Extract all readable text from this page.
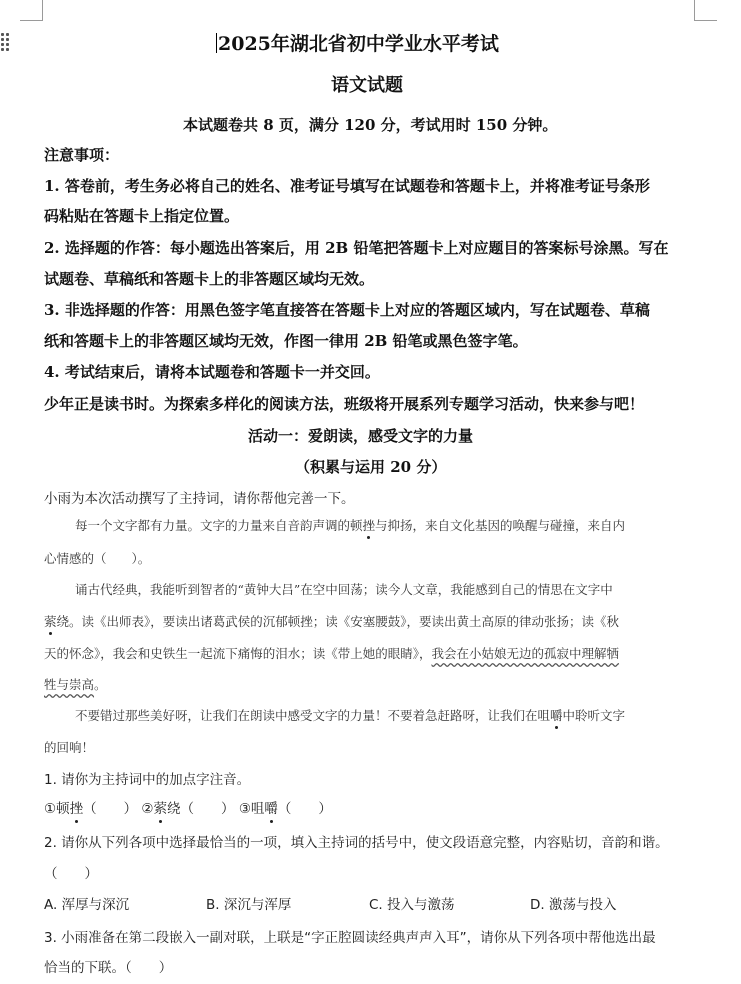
2025年湖北省初中学业水平考试
语文试题
本试题卷共 8 页，满分 120 分，考试用时 150 分钟。
注意事项：
1. 答卷前，考生务必将自己的姓名、准考证号填写在试题卷和答题卡上，并将准考证号条形
码粘贴在答题卡上指定位置。
2. 选择题的作答：每小题选出答案后，用 2B 铅笔把答题卡上对应题目的答案标号涂黑。写在
试题卷、草稿纸和答题卡上的非答题区域均无效。
3. 非选择题的作答：用黑色签字笔直接答在答题卡上对应的答题区域内，写在试题卷、草稿
纸和答题卡上的非答题区域均无效，作图一律用 2B 铅笔或黑色签字笔。
4. 考试结束后，请将本试题卷和答题卡一并交回。
少年正是读书时。为探索多样化的阅读方法，班级将开展系列专题学习活动，快来参与吧！
活动一：爱朗读，感受文字的力量
（积累与运用 20 分）
小雨为本次活动撰写了主持词，请你帮他完善一下。
每一个文字都有力量。文字的力量来自音韵声调的顿挫与抑扬，来自文化基因的唤醒与碰撞，来自内
心情感的（　　）。
诵古代经典，我能听到智者的“黄钟大吕”在空中回荡；读今人文章，我能感到自己的情思在文字中
萦绕。读《出师表》，要读出诸葛武侯的沉郁顿挫；读《安塞腰鼓》，要读出黄土高原的律动张扬；读《秋
天的怀念》，我会和史铁生一起流下痛悔的泪水；读《带上她的眼睛》，我会在小姑娘无边的孤寂中理解牺
牲与崇高。
不要错过那些美好呀，让我们在朗读中感受文字的力量！不要着急赶路呀，让我们在咀嚼中聆听文字
的回响！
1. 请你为主持词中的加点字注音。
①顿挫（　　） ②萦绕（　　） ③咀嚼（　　）
2. 请你从下列各项中选择最恰当的一项，填入主持词的括号中，使文段语意完整，内容贴切，音韵和谐。
（　　）
A. 浑厚与深沉	B. 深沉与浑厚	C. 投入与激荡	D. 激荡与投入
3. 小雨准备在第二段嵌入一副对联，上联是“字正腔圆读经典声声入耳”，请你从下列各项中帮他选出最
恰当的下联。（　　）
